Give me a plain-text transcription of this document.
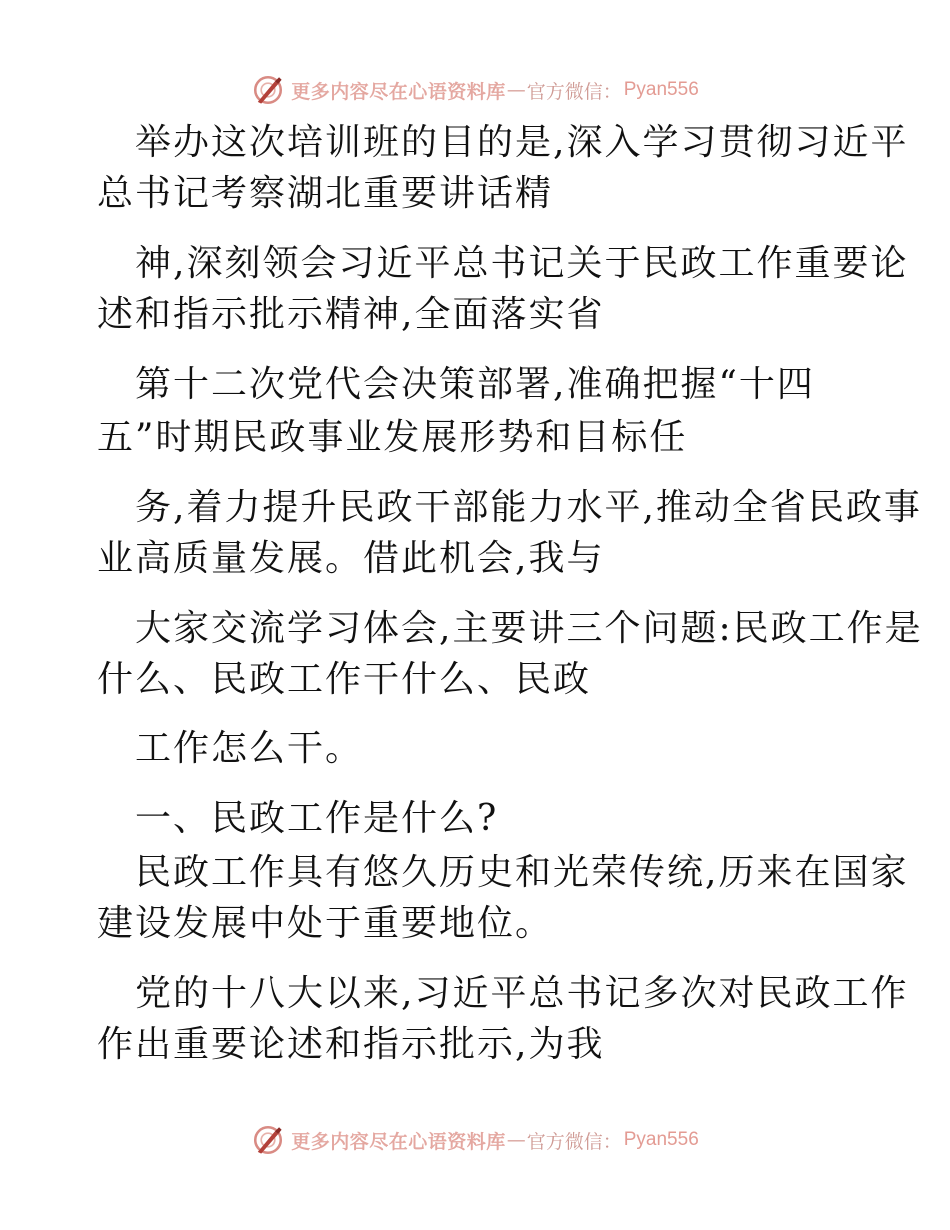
更多内容尽在心语资料库 — 官方微信： Pyan556
举办这次培训班的目的是,深入学习贯彻习近平
总书记考察湖北重要讲话精
神,深刻领会习近平总书记关于民政工作重要论
述和指示批示精神,全面落实省
第十二次党代会决策部署,准确把握“十四
五”时期民政事业发展形势和目标任
务,着力提升民政干部能力水平,推动全省民政事
业高质量发展。借此机会,我与
大家交流学习体会,主要讲三个问题:民政工作是
什么、民政工作干什么、民政
工作怎么干。
一、民政工作是什么?
民政工作具有悠久历史和光荣传统,历来在国家
建设发展中处于重要地位。
党的十八大以来,习近平总书记多次对民政工作
作出重要论述和指示批示,为我
更多内容尽在心语资料库 — 官方微信： Pyan556
